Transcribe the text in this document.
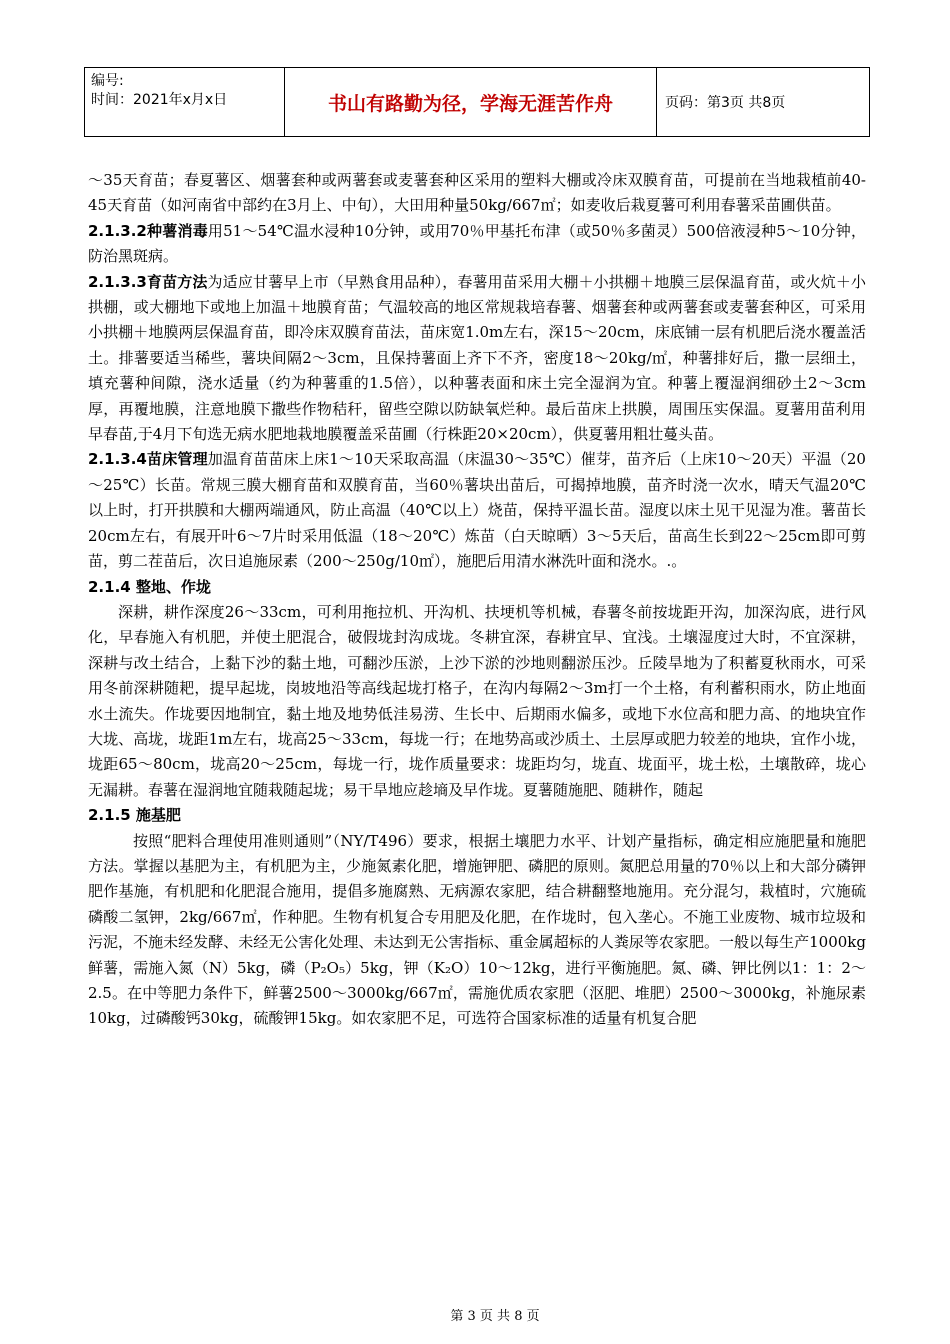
编号:
时间：2021年x月x日	书山有路勤为径，学海无涯苦作舟	页码：第3页 共8页

～35天育苗；春夏薯区、烟薯套种或两薯套或麦薯套种区采用的塑料大棚或冷床双膜育苗，可提前在当地栽植前40-45天育苗（如河南省中部约在3月上、中旬），大田用种量50kg/667㎡；如麦收后栽夏薯可利用春薯采苗圃供苗。

2.1.3.2种薯消毒用51～54℃温水浸种10分钟，或用70％甲基托布津（或50％多菌灵）500倍液浸种5～10分钟，防治黑斑病。

2.1.3.3育苗方法为适应甘薯早上市（早熟食用品种），春薯用苗采用大棚＋小拱棚＋地膜三层保温育苗，或火炕＋小拱棚，或大棚地下或地上加温＋地膜育苗；气温较高的地区常规栽培春薯、烟薯套种或两薯套或麦薯套种区，可采用小拱棚＋地膜两层保温育苗，即冷床双膜育苗法，苗床宽1.0m左右，深15～20cm，床底铺一层有机肥后浇水覆盖活土。排薯要适当稀些，薯块间隔2～3cm，且保持薯面上齐下不齐，密度18～20kg/㎡，种薯排好后，撒一层细土，填充薯种间隙，浇水适量（约为种薯重的1.5倍），以种薯表面和床土完全湿润为宜。种薯上覆湿润细砂土2～3cm厚，再覆地膜，注意地膜下撒些作物秸秆，留些空隙以防缺氧烂种。最后苗床上拱膜，周围压实保温。夏薯用苗利用早春苗,于4月下旬选无病水肥地栽地膜覆盖采苗圃（行株距20×20cm），供夏薯用粗壮蔓头苗。

2.1.3.4苗床管理加温育苗苗床上床1～10天采取高温（床温30～35℃）催芽，苗齐后（上床10～20天）平温（20～25℃）长苗。常规三膜大棚育苗和双膜育苗，当60％薯块出苗后，可揭掉地膜，苗齐时浇一次水，晴天气温20℃以上时，打开拱膜和大棚两端通风，防止高温（40℃以上）烧苗，保持平温长苗。湿度以床土见干见湿为准。薯苗长20cm左右，有展开叶6～7片时采用低温（18～20℃）炼苗（白天晾晒）3～5天后，苗高生长到22～25cm即可剪苗，剪二茬苗后，次日追施尿素（200～250g/10㎡），施肥后用清水淋洗叶面和浇水。.。

2.1.4 整地、作垅

深耕，耕作深度26～33cm，可利用拖拉机、开沟机、扶埂机等机械，春薯冬前按垅距开沟，加深沟底，进行风化，早春施入有机肥，并使土肥混合，破假垅封沟成垅。冬耕宜深，春耕宜早、宜浅。土壤湿度过大时，不宜深耕，深耕与改土结合，上黏下沙的黏土地，可翻沙压淤，上沙下淤的沙地则翻淤压沙。丘陵旱地为了积蓄夏秋雨水，可采用冬前深耕随耙，提早起垅，岗坡地沿等高线起垅打格子，在沟内每隔2～3m打一个土格，有利蓄积雨水，防止地面水土流失。作垅要因地制宜，黏土地及地势低洼易涝、生长中、后期雨水偏多，或地下水位高和肥力高、的地块宜作大垅、高垅，垅距1m左右，垅高25～33cm，每垅一行；在地势高或沙质土、土层厚或肥力较差的地块，宜作小垅，垅距65～80cm，垅高20～25cm，每垅一行，垅作质量要求：垅距均匀，垅直、垅面平，垅土松，土壤散碎，垅心无漏耕。春薯在湿润地宜随栽随起垅；易干旱地应趁墒及早作垅。夏薯随施肥、随耕作，随起

2.1.5 施基肥

按照“肥料合理使用准则通则”（NY/T496）要求，根据土壤肥力水平、计划产量指标，确定相应施肥量和施肥方法。掌握以基肥为主，有机肥为主，少施氮素化肥，增施钾肥、磷肥的原则。氮肥总用量的70％以上和大部分磷钾肥作基施，有机肥和化肥混合施用，提倡多施腐熟、无病源农家肥，结合耕翻整地施用。充分混匀，栽植时，穴施硫磷酸二氢钾，2kg/667㎡，作种肥。生物有机复合专用肥及化肥，在作垅时，包入垄心。不施工业废物、城市垃圾和污泥，不施未经发酵、未经无公害化处理、未达到无公害指标、重金属超标的人粪尿等农家肥。一般以每生产1000kg鲜薯，需施入氮（N）5kg，磷（P₂O₅）5kg，钾（K₂O）10～12kg，进行平衡施肥。氮、磷、钾比例以1：1：2～2.5。在中等肥力条件下，鲜薯2500～3000kg/667㎡，需施优质农家肥（沤肥、堆肥）2500～3000kg，补施尿素10kg，过磷酸钙30kg，硫酸钾15kg。如农家肥不足，可选符合国家标准的适量有机复合肥

第 3 页 共 8 页
